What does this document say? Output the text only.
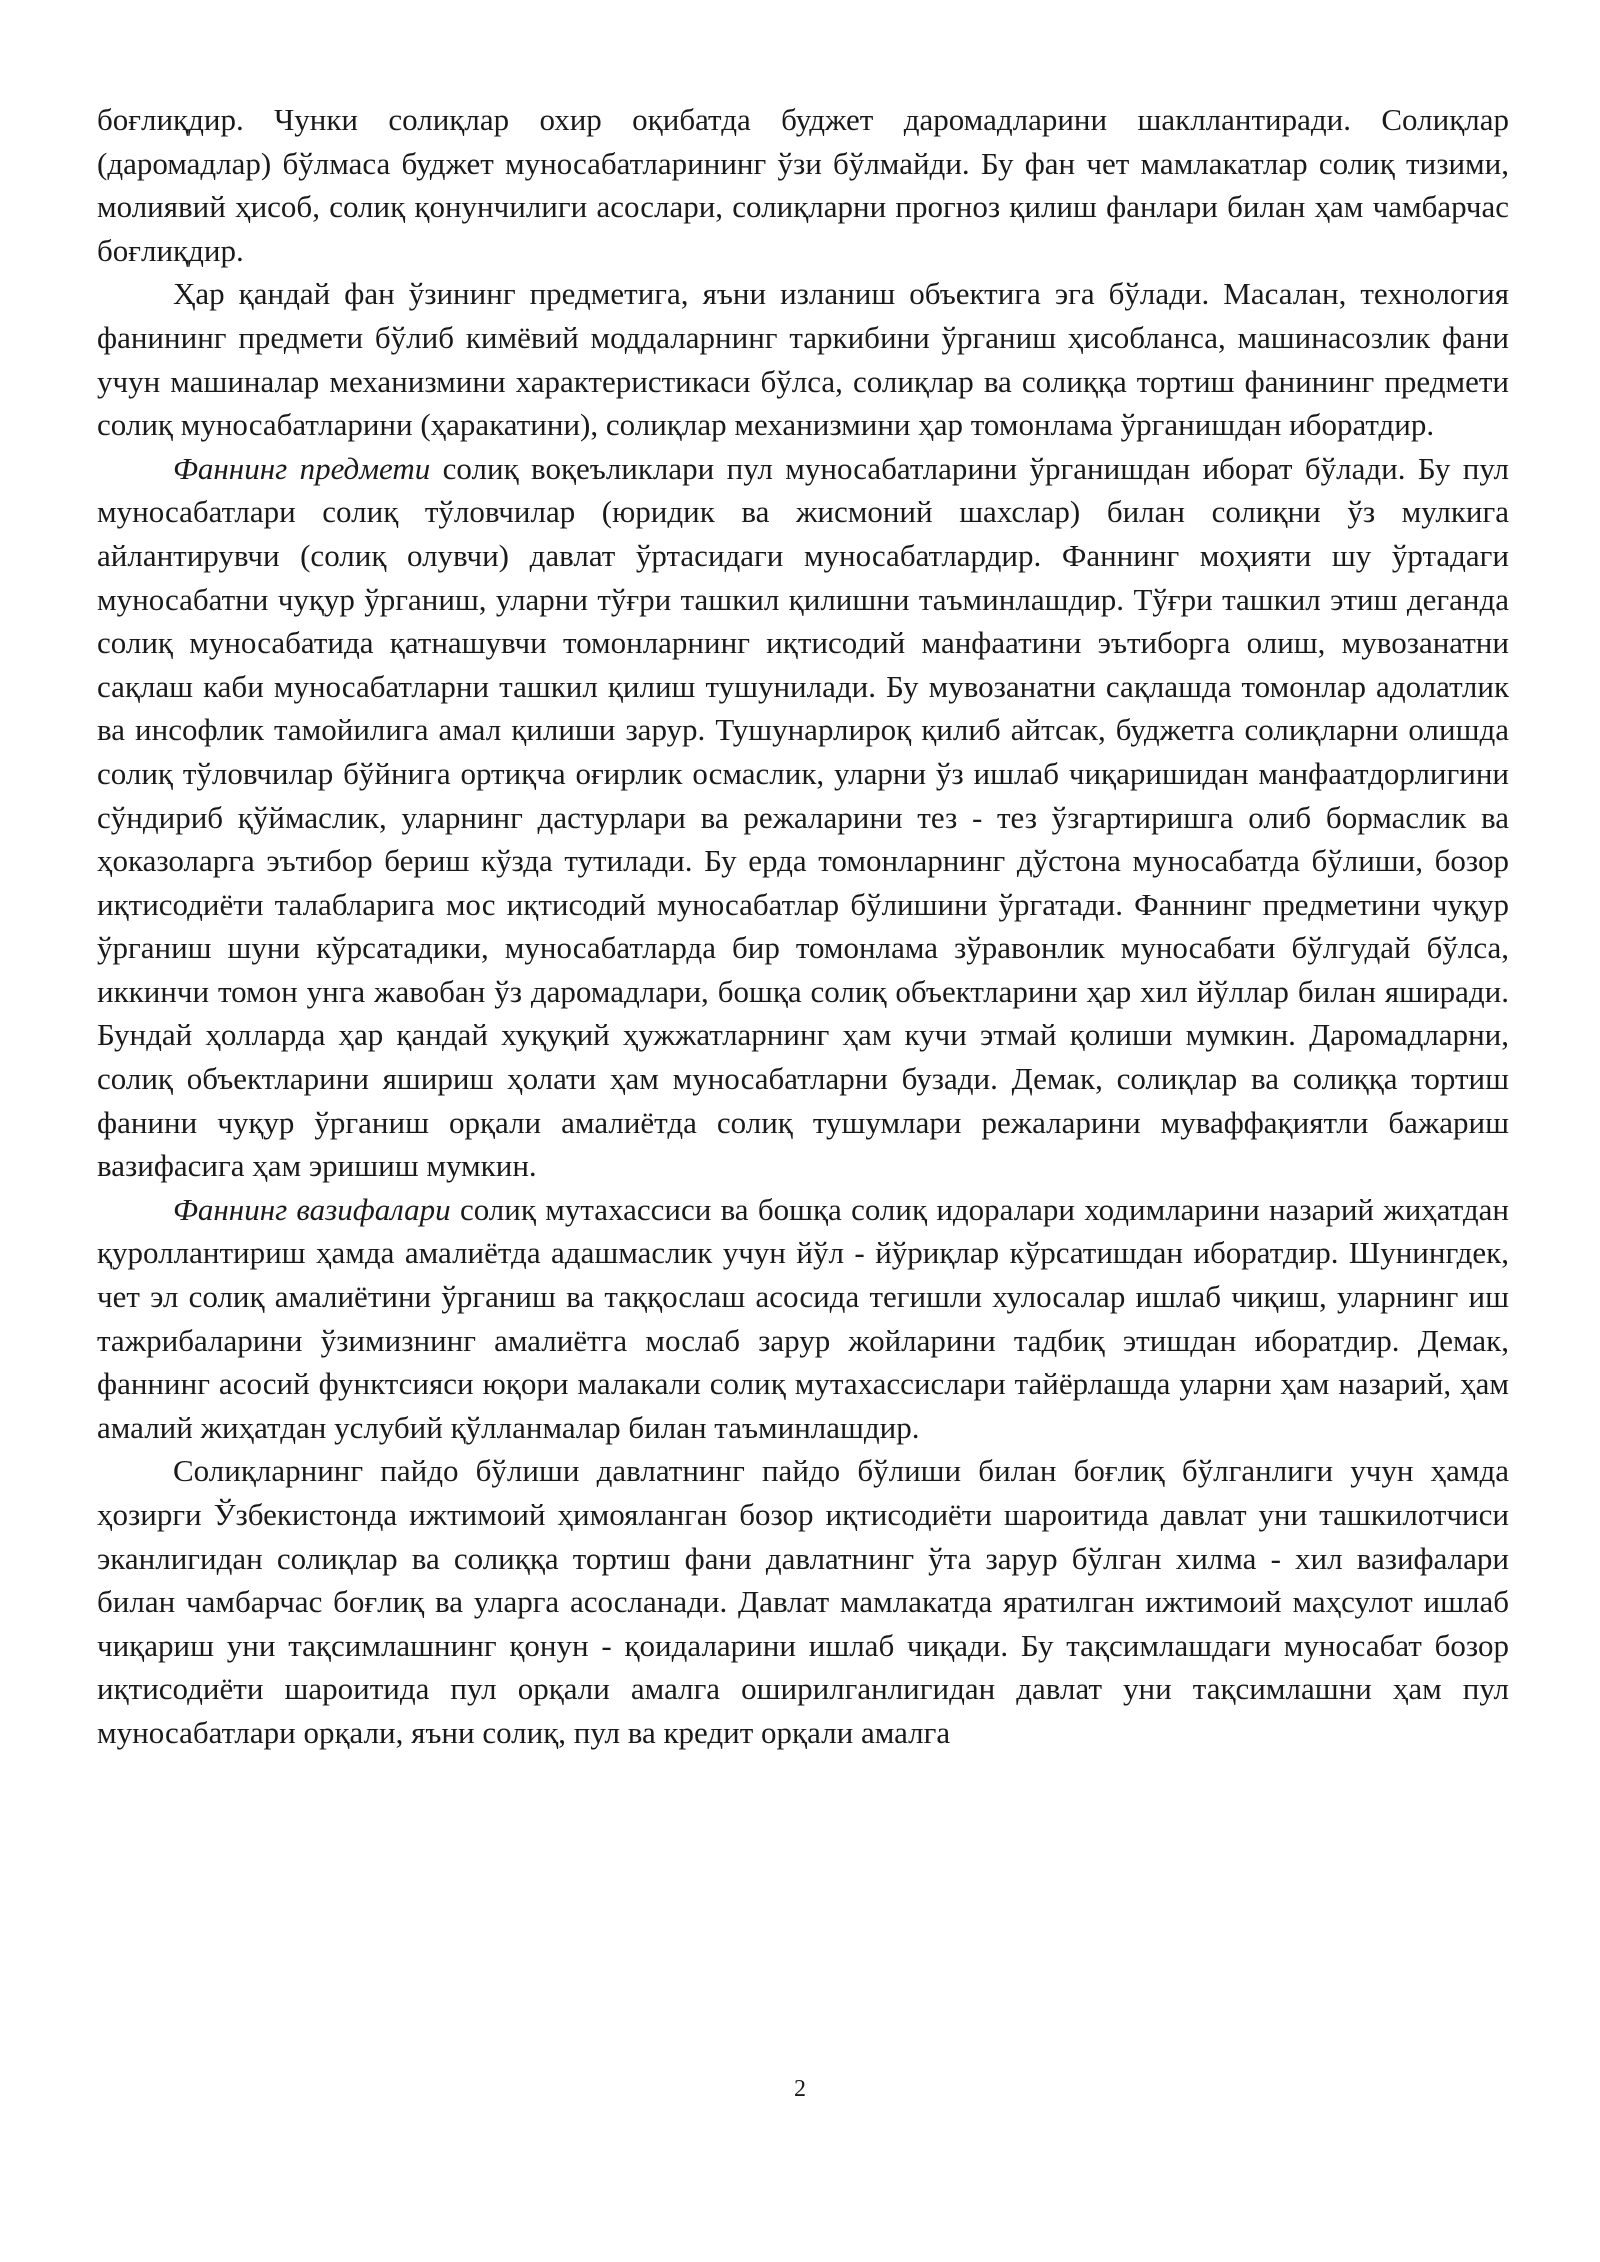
боғлиқдир. Чунки солиқлар охир оқибатда буджет даромадларини шакллантиради. Солиқлар (даромадлар) бўлмаса буджет муносабатларининг ўзи бўлмайди. Бу фан чет мамлакатлар солиқ тизими, молиявий ҳисоб, солиқ қонунчилиги асослари, солиқларни прогноз қилиш фанлари билан ҳам чамбарчас боғлиқдир.

Ҳар қандай фан ўзининг предметига, яъни изланиш объектига эга бўлади. Масалан, технология фанининг предмети бўлиб кимёвий моддаларнинг таркибини ўрганиш ҳисобланса, машинасозлик фани учун машиналар механизмини характеристикаси бўлса, солиқлар ва солиққа тортиш фанининг предмети солиқ муносабатларини (ҳаракатини), солиқлар механизмини ҳар томонлама ўрганишдан иборатдир.

Фаннинг предмети солиқ воқеъликлари пул муносабатларини ўрганишдан иборат бўлади. Бу пул муносабатлари солиқ тўловчилар (юридик ва жисмоний шахслар) билан солиқни ўз мулкига айлантирувчи (солиқ олувчи) давлат ўртасидаги муносабатлардир. Фаннинг моҳияти шу ўртадаги муносабатни чуқур ўрганиш, уларни тўғри ташкил қилишни таъминлашдир. Тўғри ташкил этиш деганда солиқ муносабатида қатнашувчи томонларнинг иқтисодий манфаатини эътиборга олиш, мувозанатни сақлаш каби муносабатларни ташкил қилиш тушунилади. Бу мувозанатни сақлашда томонлар адолатлик ва инсофлик тамойилига амал қилиши зарур. Тушунарлироқ қилиб айтсак, буджетга солиқларни олишда солиқ тўловчилар бўйнига ортиқча оғирлик осмаслик, уларни ўз ишлаб чиқаришидан манфаатдорлигини сўндириб қўймаслик, уларнинг дастурлари ва режаларини тез - тез ўзгартиришга олиб бормаслик ва ҳоказоларга эътибор бериш кўзда тутилади. Бу ерда томонларнинг дўстона муносабатда бўлиши, бозор иқтисодиёти талабларига мос иқтисодий муносабатлар бўлишини ўргатади. Фаннинг предметини чуқур ўрганиш шуни кўрсатадики, муносабатларда бир томонлама зўравонлик муносабати бўлгудай бўлса, иккинчи томон унга жавобан ўз даромадлари, бошқа солиқ объектларини ҳар хил йўллар билан яширади. Бундай ҳолларда ҳар қандай хуқуқий ҳужжатларнинг ҳам кучи этмай қолиши мумкин. Даромадларни, солиқ объектларини яшириш ҳолати ҳам муносабатларни бузади. Демак, солиқлар ва солиққа тортиш фанини чуқур ўрганиш орқали амалиётда солиқ тушумлари режаларини муваффақиятли бажариш вазифасига ҳам эришиш мумкин.

Фаннинг вазифалари солиқ мутахассиси ва бошқа солиқ идоралари ходимларини назарий жиҳатдан қуроллантириш ҳамда амалиётда адашмаслик учун йўл - йўриқлар кўрсатишдан иборатдир. Шунингдек, чет эл солиқ амалиётини ўрганиш ва таққослаш асосида тегишли хулосалар ишлаб чиқиш, уларнинг иш тажрибаларини ўзимизнинг амалиётга мослаб зарур жойларини тадбиқ этишдан иборатдир. Демак, фаннинг асосий функтсияси юқори малакали солиқ мутахассислари тайёрлашда уларни ҳам назарий, ҳам амалий жиҳатдан услубий қўлланмалар билан таъминлашдир.

Солиқларнинг пайдо бўлиши давлатнинг пайдо бўлиши билан боғлиқ бўлганлиги учун ҳамда ҳозирги Ўзбекистонда ижтимоий ҳимояланган бозор иқтисодиёти шароитида давлат уни ташкилотчиси эканлигидан солиқлар ва солиққа тортиш фани давлатнинг ўта зарур бўлган хилма - хил вазифалари билан чамбарчас боғлиқ ва уларга асосланади. Давлат мамлакатда яратилган ижтимоий маҳсулот ишлаб чиқариш уни тақсимлашнинг қонун - қоидаларини ишлаб чиқади. Бу тақсимлашдаги муносабат бозор иқтисодиёти шароитида пул орқали амалга оширилганлигидан давлат уни тақсимлашни ҳам пул муносабатлари орқали, яъни солиқ, пул ва кредит орқали амалга

2
